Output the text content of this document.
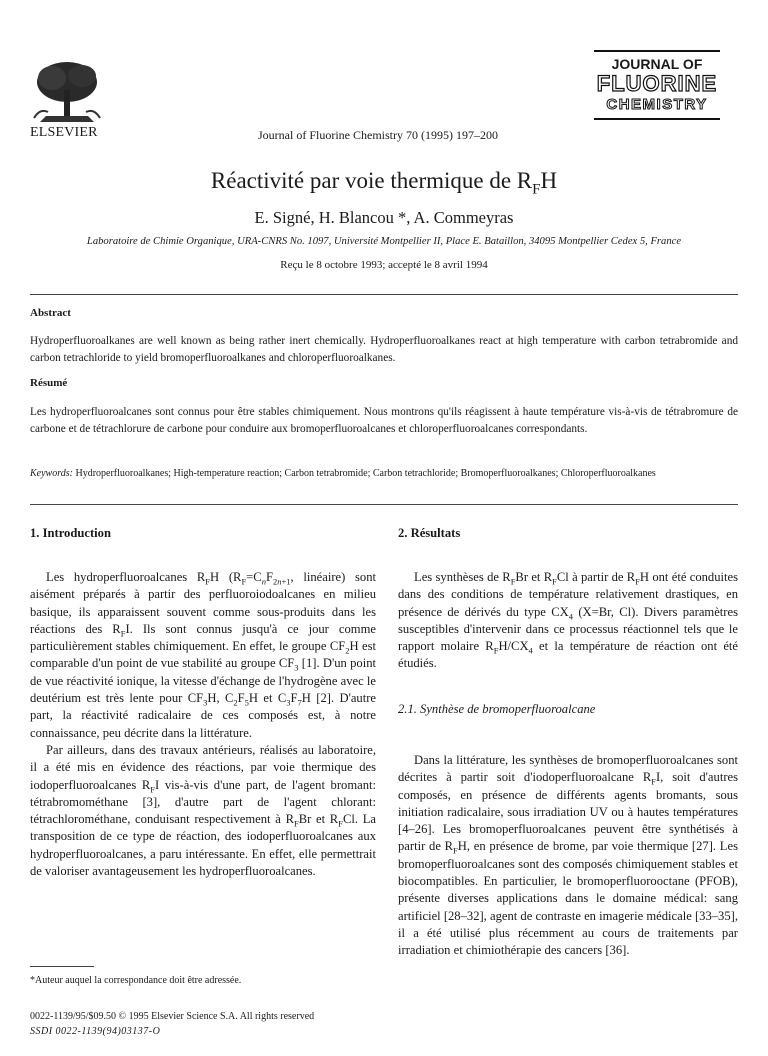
ELSEVIER	Journal of Fluorine Chemistry 70 (1995) 197–200
JOURNAL OF
FLUORINE
CHEMISTRY
Réactivité par voie thermique de $R_FH$
E. Signé, H. Blancou *, A. Commeyras
Laboratoire de Chimie Organique, URA-CNRS No. 1097, Université Montpellier II, Place E. Bataillon, 34095 Montpellier Cedex 5, France
Reçu le 8 octobre 1993; accepté le 8 avril 1994
Abstract
Hydroperfluoroalkanes are well known as being rather inert chemically. Hydroperfluoroalkanes react at high temperature with carbon tetrabromide and carbon tetrachloride to yield bromoperfluoroalkanes and chloroperfluoroalkanes.
Résumé
Les hydroperfluoroalcanes sont connus pour être stables chimiquement. Nous montrons qu'ils réagissent à haute température vis-à-vis de tétrabromure de carbone et de tétrachlorure de carbone pour conduire aux bromoperfluoroalcanes et chloroperfluoroalcanes correspondants.
Keywords: Hydroperfluoroalkanes; High-temperature reaction; Carbon tetrabromide; Carbon tetrachloride; Bromoperfluoroalkanes; Chloroperfluoroalkanes
1. Introduction

Les hydroperfluoroalcanes $R_FH$ ($R_F=C_nF_{2n+1}$, linéaire) sont aisément préparés à partir des perfluoroiodoalcanes en milieu basique, ils apparaissent souvent comme sous-produits dans les réactions des $R_FI$. Ils sont connus jusqu'à ce jour comme particulièrement stables chimiquement. En effet, le groupe $CF_2H$ est comparable d'un point de vue stabilité au groupe $CF_3$ [1]. D'un point de vue réactivité ionique, la vitesse d'échange de l'hydrogène avec le deutérium est très lente pour $CF_3H$, $C_2F_5H$ et $C_3F_7H$ [2]. D'autre part, la réactivité radicalaire de ces composés est, à notre connaissance, peu décrite dans la littérature.

Par ailleurs, dans des travaux antérieurs, réalisés au laboratoire, il a été mis en évidence des réactions, par voie thermique des iodoperfluoroalcanes $R_FI$ vis-à-vis d'une part, de l'agent bromant: tétrabromométhane [3], d'autre part de l'agent chlorant: tétrachlorométhane, conduisant respectivement à $R_FBr$ et $R_FCl$. La transposition de ce type de réaction, des iodoperfluoroalcanes aux hydroperfluoroalcanes, a paru intéressante. En effet, elle permettrait de valoriser avantageusement les hydroperfluoroalcanes.

2. Résultats

Les synthèses de $R_FBr$ et $R_FCl$ à partir de $R_FH$ ont été conduites dans des conditions de température relativement drastiques, en présence de dérivés du type $CX_4$ (X=Br, Cl). Divers paramètres susceptibles d'intervenir dans ce processus réactionnel tels que le rapport molaire $R_FH/CX_4$ et la température de réaction ont été étudiés.

2.1. Synthèse de bromoperfluoroalcane

Dans la littérature, les synthèses de bromoperfluoroalcanes sont décrites à partir soit d'iodoperfluoroalcane $R_FI$, soit d'autres composés, en présence de différents agents bromants, sous initiation radicalaire, sous irradiation UV ou à hautes températures [4–26]. Les bromoperfluoroalcanes peuvent être synthétisés à partir de $R_FH$, en présence de brome, par voie thermique [27]. Les bromoperfluoroalcanes sont des composés chimiquement stables et biocompatibles. En particulier, le bromoperfluorooctane (PFOB), présente diverses applications dans le domaine médical: sang artificiel [28–32], agent de contraste en imagerie médicale [33–35], il a été utilisé plus récemment au cours de traitements par irradiation et chimiothérapie des cancers [36].

*Auteur auquel la correspondance doit être adressée.
0022-1139/95/$09.50 © 1995 Elsevier Science S.A. All rights reserved
SSDI 0022-1139(94)03137-O
